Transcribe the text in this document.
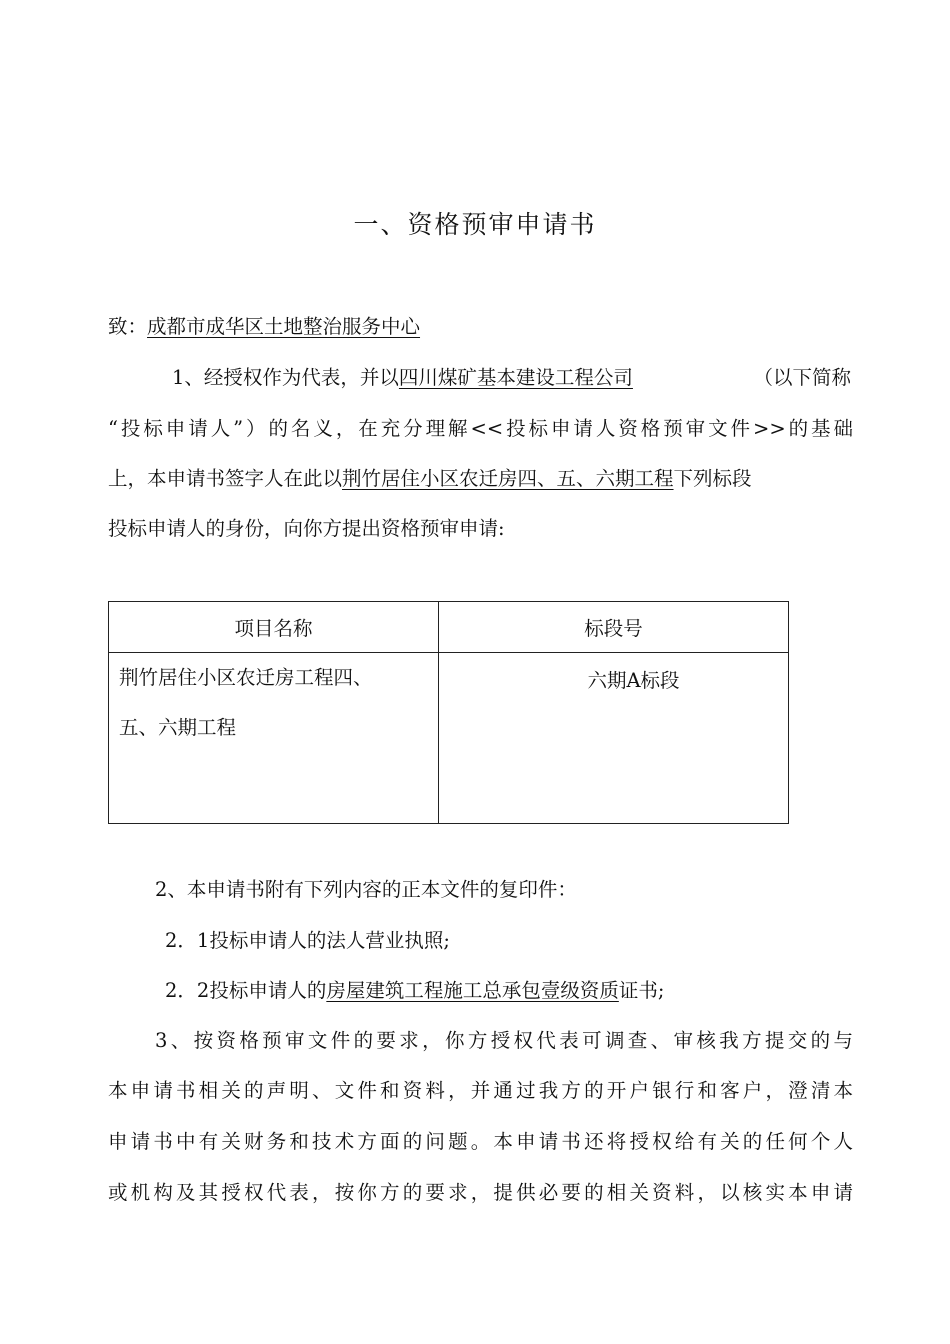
一、资格预审申请书
致：成都市成华区土地整治服务中心
1、经授权作为代表，并以四川煤矿基本建设工程公司	（以下简称
“投标申请人”）的名义，在充分理解<<投标申请人资格预审文件>>的基础
上，本申请书签字人在此以荆竹居住小区农迁房四、五、六期工程下列标段
投标申请人的身份，向你方提出资格预审申请:
项目名称	标段号

荆竹居住小区农迁房工程四、
五、六期工程	六期A标段
2、本申请书附有下列内容的正本文件的复印件：
2．1投标申请人的法人营业执照;
2．2投标申请人的房屋建筑工程施工总承包壹级资质证书;
3、按资格预审文件的要求，你方授权代表可调查、审核我方提交的与
本申请书相关的声明、文件和资料，并通过我方的开户银行和客户，澄清本
申请书中有关财务和技术方面的问题。本申请书还将授权给有关的任何个人
或机构及其授权代表，按你方的要求，提供必要的相关资料，以核实本申请
